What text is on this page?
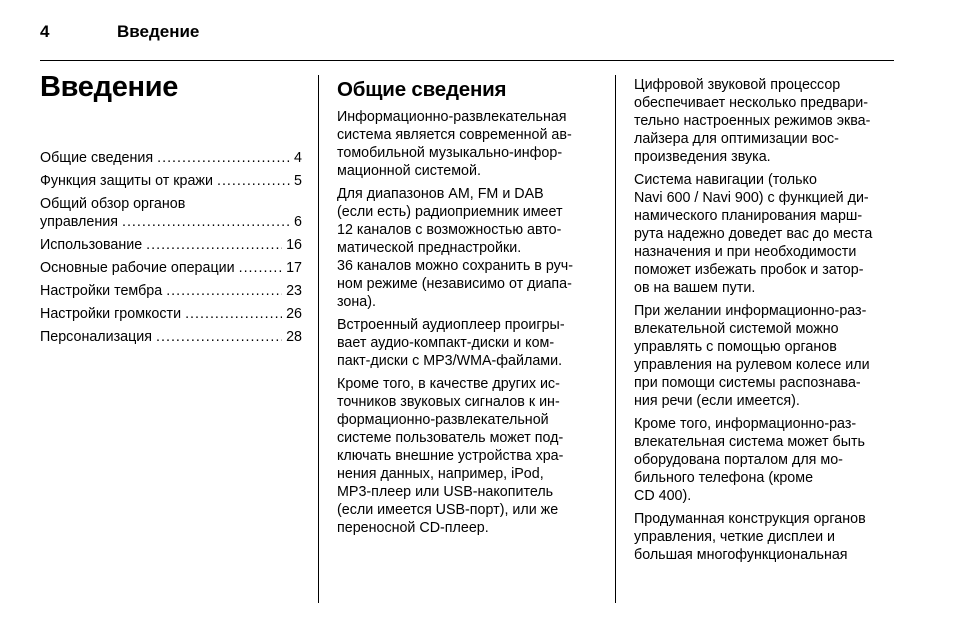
4	Введение
Введение
Общие сведения .....	4
Функция защиты от кражи .....	5
Общий обзор органов
управления .....	6
Использование .....	16
Основные рабочие операции .....	17
Настройки тембра .....	23
Настройки громкости .....	26
Персонализация .....	28
Общие сведения
Информационно-развлекательная
система является современной ав-
томобильной музыкально-инфор-
мационной системой.
Для диапазонов AM, FM и DAB
(если есть) радиоприемник имеет
12 каналов с возможностью авто-
матической преднастройки.
36 каналов можно сохранить в руч-
ном режиме (независимо от диапа-
зона).
Встроенный аудиоплеер проигры-
вает аудио-компакт-диски и ком-
пакт-диски с MP3/WMA-файлами.
Кроме того, в качестве других ис-
точников звуковых сигналов к ин-
формационно-развлекательной
системе пользователь может под-
ключать внешние устройства хра-
нения данных, например, iPod,
MP3-плеер или USB-накопитель
(если имеется USB-порт), или же
переносной CD-плеер.
Цифровой звуковой процессор
обеспечивает несколько предвари-
тельно настроенных режимов эква-
лайзера для оптимизации вос-
произведения звука.
Система навигации (только
Navi 600 / Navi 900) с функцией ди-
намического планирования марш-
рута надежно доведет вас до места
назначения и при необходимости
поможет избежать пробок и затор-
ов на вашем пути.
При желании информационно-раз-
влекательной системой можно
управлять с помощью органов
управления на рулевом колесе или
при помощи системы распознава-
ния речи (если имеется).
Кроме того, информационно-раз-
влекательная система может быть
оборудована порталом для мо-
бильного телефона (кроме
CD 400).
Продуманная конструкция органов
управления, четкие дисплеи и
большая многофункциональная
